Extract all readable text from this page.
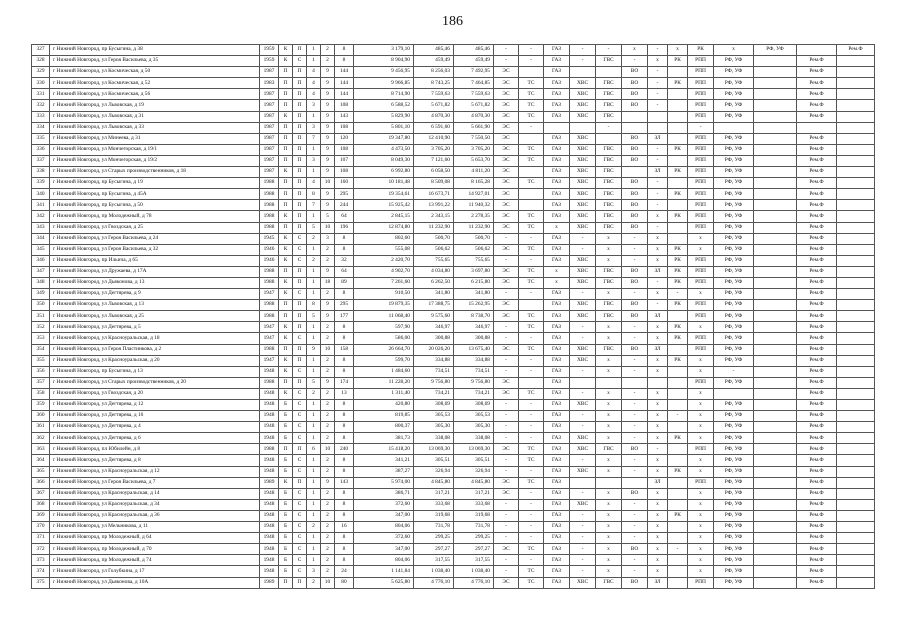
186
327	г Нижний Новгород, пр Бусыгина, д 38	1959	К	П	1	2	8	3 179,10	485,46	485,46	-	-	ГАЗ	-	-	х	-	х	РК	х	РФ, УФ		Рем.Ф
328	г Нижний Новгород, ул Героя Васильева, д 35	1959	К	С	1	2	8	8 904,90	459,49	459,49	-	-	ГАЗ	-	ГВС	-	х	РК	РПП	РФ, УФ		Рем.Ф	
329	г Нижний Новгород, ул Космическая, д 50	1987	П	П	4	9	144	9 456,95	8 256,03	7 492,95	ЭС		ГАЗ			ВО	-		РПП	РФ, УФ		Рем.Ф	
330	г Нижний Новгород, ул Космическая, д 52	1983	П	П	4	9	144	9 966,85	8 743,25	7 464,85	ЭС	ТС	ГАЗ	ХВС	ГВС	ВО	-	РК	РПП	РФ, УФ		Рем.Ф	
331	г Нижний Новгород, ул Космическая, д 56	1987	П	П	4	9	144	8 714,90	7 559,63	7 559,63	ЭС	ТС	ГАЗ	ХВС	ГВС	ВО	-		РПП	РФ, УФ		Рем.Ф	
332	г Нижний Новгород, ул Львовская, д 19	1987	П	П	3	9	108	6 588,52	5 671,82	5 671,82	ЭС	ТС	ГАЗ	ХВС	ГВС	ВО	-		РПП	РФ, УФ		Рем.Ф	
333	г Нижний Новгород, ул Львовская, д 31	1987	К	П	1	9	143	5 829,90	4 870,30	4 870,30	ЭС	ТС	ГАЗ	ХВС	ГВС				РПП	РФ, УФ		Рем.Ф	
334	г Нижний Новгород, ул Львовская, д 33	1987	П	П	3	9	108	5 801,10	6 591,60	5 661,90	ЭС	-			-				-				
335	г Нижний Новгород, ул Минеева, д 31	1987	П	П	7	9	120	19 347,80	12 410,90	7 550,50	ЭС		ГАЗ	ХВС		ВО	ЗЛ		РПП	РФ, УФ		Рем.Ф	
336	г Нижний Новгород, ул Мончегорская, д 19/1	1987	П	П	1	9	108	4 473,50	3 705,20	3 705,20	ЭС	ТС	ГАЗ	ХВС	ГВС	ВО	-	РК	РПП	РФ, УФ		Рем.Ф	
337	г Нижний Новгород, ул Мончегорская, д 19/2	1987	П	П	3	9	107	8 049,30	7 121,60	5 653,70	ЭС	ТС	ГАЗ	ХВС	ГВС	ВО	-		РПП	РФ, УФ		Рем.Ф	
338	г Нижний Новгород, ул Старых производственников, д 18	1987	К	П	1	9	108	6 992,80	6 058,50	4 811,20	ЭС		ГАЗ	ХВС	ГВС		ЗЛ	РК	РПП	РФ, УФ		Рем.Ф	
339	г Нижний Новгород, пр Бусыгина, д 19	1988	П	П	4	10	160	10 181,48	8 509,08	8 165,28	ЭС	ТС	ГАЗ	ХВС	ГВС	ВО	-		РПП	РФ, УФ		Рем.Ф	
340	г Нижний Новгород, пр Бусыгина, д 45А	1988	П	П	8	9	295	19 354,61	16 673,71	14 927,01	ЭС		ГАЗ	ХВС	ГВС	ВО	-	РК	РПП	РФ, УФ		Рем.Ф	
341	г Нижний Новгород, пр Бусыгина, д 50	1988	П	П	7	9	244	15 925,42	13 991,22	11 940,32	ЭС		ГАЗ	ХВС	ГВС	ВО	-		РПП	РФ, УФ		Рем.Ф	
342	г Нижний Новгород, пр Молодежный, д 78	1988	К	П	1	5	64	2 845,15	2 343,15	2 278,35	ЭС	ТС	ГАЗ	ХВС	ГВС	ВО	х	РК	РПП	РФ, УФ		Рем.Ф	
343	г Нижний Новгород, ул Гвоздская, д 25	1988	П	П	5	10	196	12 874,80	11 232,90	11 232,90	ЭС	ТС	х	ХВС	ГВС	ВО	-		РПП	РФ, УФ		Рем.Ф	
344	г Нижний Новгород, ул Героя Васильева, д 24	1945	К	С	2	3	8	802,60	500,70	500,70	-	-	ГАЗ	-	х	-	х		х	РФ, УФ		Рем.Ф	
345	г Нижний Новгород, ул Героя Васильева, д 32	1946	К	С	1	2	8	555,08	506,62	506,62	ЭС	ТС	ГАЗ	-	х	-	х	РК	х	РФ, УФ		Рем.Ф	
346	г Нижний Новгород, пр Ильича, д 65	1946	К	С	2	2	32	2 420,70	755,65	755,65	-	-	ГАЗ	ХВС	х	-	х	РК	РПП	РФ, УФ		Рем.Ф	
347	г Нижний Новгород, ул Дружаева, д 17А	1988	П	П	1	9	64	4 902,70	4 034,80	3 697,80	ЭС	ТС	х	ХВС	ГВС	ВО	ЗЛ	РК	РПП	РФ, УФ		Рем.Ф	
348	г Нижний Новгород, ул Дьяконова, д 13	1988	К	П	1	18	89	7 261,60	6 262,50	6 215,80	ЭС	ТС	х	ХВС	ГВС	ВО	-	РК	РПП	РФ, УФ		Рем.Ф	
349	г Нижний Новгород, ул Дегтярева, д 9	1947	К	С	1	2	8	910,50	341,80	341,80	-	-	ГАЗ	-	х	-	х	-	х	РФ, УФ		Рем.Ф	
350	г Нижний Новгород, ул Львовская, д 13	1988	П	П	8	9	295	19 879,35	17 388,75	15 262,95	ЭС		ГАЗ	ХВС	ГВС	ВО	-	РК	РПП	РФ, УФ		Рем.Ф	
351	г Нижний Новгород, ул Львовская, д 25	1988	П	П	5	9	177	11 068,40	9 575,60	8 738,70	ЭС	ТС	ГАЗ	ХВС	ГВС	ВО	ЗЛ		РПП	РФ, УФ		Рем.Ф	
352	г Нижний Новгород, ул Дегтярева, д 5	1947	К	П	1	2	8	597,90	346,97	346,97	-	ТС	ГАЗ	-	х	-	х	РК	х	РФ, УФ		Рем.Ф	
353	г Нижний Новгород, ул Красноуральская, д 18	1947	К	С	1	2	8	586,00	300,88	300,88	-	-	ГАЗ	-	х	-	х	РК	РПП	РФ, УФ		Рем.Ф	
354	г Нижний Новгород, ул Героя Пластинкова, д 2	1988	П	П	9	10	158	26 664,70	20 026,20	13 675,40	ЭС	ТС	ГАЗ	ХВС	ГВС	ВО	ЗЛ		РПП	РФ, УФ		Рем.Ф	
355	г Нижний Новгород, ул Красноуральская, д 20	1947	К	П	1	2	8	599,70	334,88	334,88	-	-	ГАЗ	ХВС	х	-	х	РК	х	РФ, УФ		Рем.Ф	
356	г Нижний Новгород, пр Бусыгина, д 13	1948	К	С	1	2	8	1 484,60	734,51	734,51	-	-	ГАЗ	-	х	-	х		х	-		Рем.Ф	
357	г Нижний Новгород, ул Старых производственников, д 20	1988	П	П	5	9	174	11 228,20	9 756,80	9 756,80	ЭС		ГАЗ						РПП	РФ, УФ		Рем.Ф	
358	г Нижний Новгород, ул Гвоздская, д 20	1948	К	С	2	2	13	1 311,40	734,21	734,21	ЭС	ТС	ГАЗ	-	х	-	х		х			Рем.Ф	
359	г Нижний Новгород, ул Дегтярева, д 12	1948	Б	С	1	2	8	420,80	308,69	308,69	-	-	ГАЗ	ХВС	х	-	х		х	РФ, УФ		Рем.Ф	
360	г Нижний Новгород, ул Дегтярева, д 16	1948	Б	С	1	2	8	819,85	305,53	305,53	-	-	ГАЗ	-	х	-	х	-	х	РФ, УФ		Рем.Ф	
361	г Нижний Новгород, ул Дегтярева, д 4	1948	Б	С	1	2	8	800,37	305,30	305,30	-	-	ГАЗ	-	х	-	х		х	РФ, УФ		Рем.Ф	
362	г Нижний Новгород, ул Дегтярева, д 6	1948	Б	С	1	2	8	381,73	338,08	338,08	-	-	ГАЗ	ХВС	х	-	х	РК	х	РФ, УФ		Рем.Ф	
363	г Нижний Новгород, пл Юбилейн, д 8	1988	П	П	6	10	240	15 418,20	13 069,30	13 069,30	ЭС	ТС	ГАЗ	ХВС	ГВС	ВО	-		РПП	РФ, УФ		Рем.Ф	
364	г Нижний Новгород, ул Дегтярева, д 8	1948	Б	С	1	2	8	341,21	305,51	305,51	-	ТС	ГАЗ	-	х	-	х		х	РФ, УФ		Рем.Ф	
365	г Нижний Новгород, ул Красноуральская, д 12	1948	Б	С	1	2	8	387,27	326,94	326,94	-	-	ГАЗ	ХВС	х	-	х	РК	х	РФ, УФ		Рем.Ф	
366	г Нижний Новгород, ул Героя Васильева, д 7	1989	К	П	1	9	143	5 974,00	4 845,80	4 845,80	ЭС	ТС	ГАЗ				ЗЛ		РПП	РФ, УФ		Рем.Ф	
367	г Нижний Новгород, ул Красноуральская, д 14	1948	Б	С	1	2	8	386,71	317,21	317,21	ЭС	-	ГАЗ	-	х	ВО	х		х	РФ, УФ		Рем.Ф	
368	г Нижний Новгород, ул Красноуральская, д 34	1948	Б	С	1	2	8	372,60	333,68	333,68	-	-	ГАЗ	ХВС	х	-	х		х	РФ, УФ		Рем.Ф	
369	г Нижний Новгород, ул Красноуральская, д 36	1948	Б	С	1	2	8	347,00	319,68	319,68	-	-	ГАЗ	-	х	-	х	РК	х	РФ, УФ		Рем.Ф	
370	г Нижний Новгород, ул Мельникова, д 11	1948	Б	С	2	2	16	804,06	731,78	731,78	-	-	ГАЗ	-	х	-	х		х	РФ, УФ		Рем.Ф	
371	г Нижний Новгород, пр Молодежный, д 64	1948	Б	С	1	2	8	372,60	299,25	299,25	-	-	ГАЗ	-	х	-	х		х	РФ, УФ		Рем.Ф	
372	г Нижний Новгород, пр Молодежный, д 70	1948	Б	С	1	2	8	347,00	297,27	297,27	ЭС	ТС	ГАЗ	-	х	ВО	х	-	х	РФ, УФ		Рем.Ф	
373	г Нижний Новгород, пр Молодежный, д 74	1948	Б	С	1	2	8	804,06	317,55	317,55	-	-	ГАЗ	-	х	-	х		х	РФ, УФ		Рем.Ф	
374	г Нижний Новгород, ул Голубкина, д 17	1948	Б	С	3	2	24	1 141,84	1 038,40	1 038,40	-	ТС	ГАЗ	-	х	-	х		х	РФ, УФ		Рем.Ф	
375	г Нижний Новгород, ул Дьяконова, д 10А	1989	П	П	2	10	80	5 625,80	4 776,10	4 776,10	ЭС	ТС	ГАЗ	ХВС	ГВС	ВО	ЗЛ		РПП	РФ, УФ		Рем.Ф	
